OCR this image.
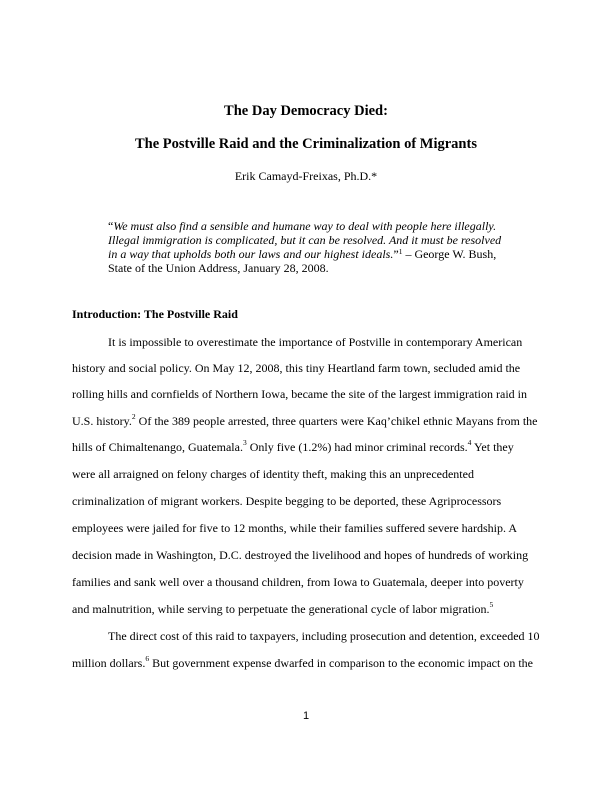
The Day Democracy Died:
The Postville Raid and the Criminalization of Migrants
Erik Camayd-Freixas, Ph.D.*
“We must also find a sensible and humane way to deal with people here illegally.
Illegal immigration is complicated, but it can be resolved. And it must be resolved
in a way that upholds both our laws and our highest ideals.”$^1$ – George W. Bush,
State of the Union Address, January 28, 2008.
Introduction: The Postville Raid
It is impossible to overestimate the importance of Postville in contemporary American
history and social policy. On May 12, 2008, this tiny Heartland farm town, secluded amid the
rolling hills and cornfields of Northern Iowa, became the site of the largest immigration raid in
U.S. history.$^2$ Of the 389 people arrested, three quarters were Kaq’chikel ethnic Mayans from the
hills of Chimaltenango, Guatemala.$^3$ Only five (1.2%) had minor criminal records.$^4$ Yet they
were all arraigned on felony charges of identity theft, making this an unprecedented
criminalization of migrant workers. Despite begging to be deported, these Agriprocessors
employees were jailed for five to 12 months, while their families suffered severe hardship. A
decision made in Washington, D.C. destroyed the livelihood and hopes of hundreds of working
families and sank well over a thousand children, from Iowa to Guatemala, deeper into poverty
and malnutrition, while serving to perpetuate the generational cycle of labor migration.$^5$
The direct cost of this raid to taxpayers, including prosecution and detention, exceeded 10
million dollars.$^6$ But government expense dwarfed in comparison to the economic impact on the
1
